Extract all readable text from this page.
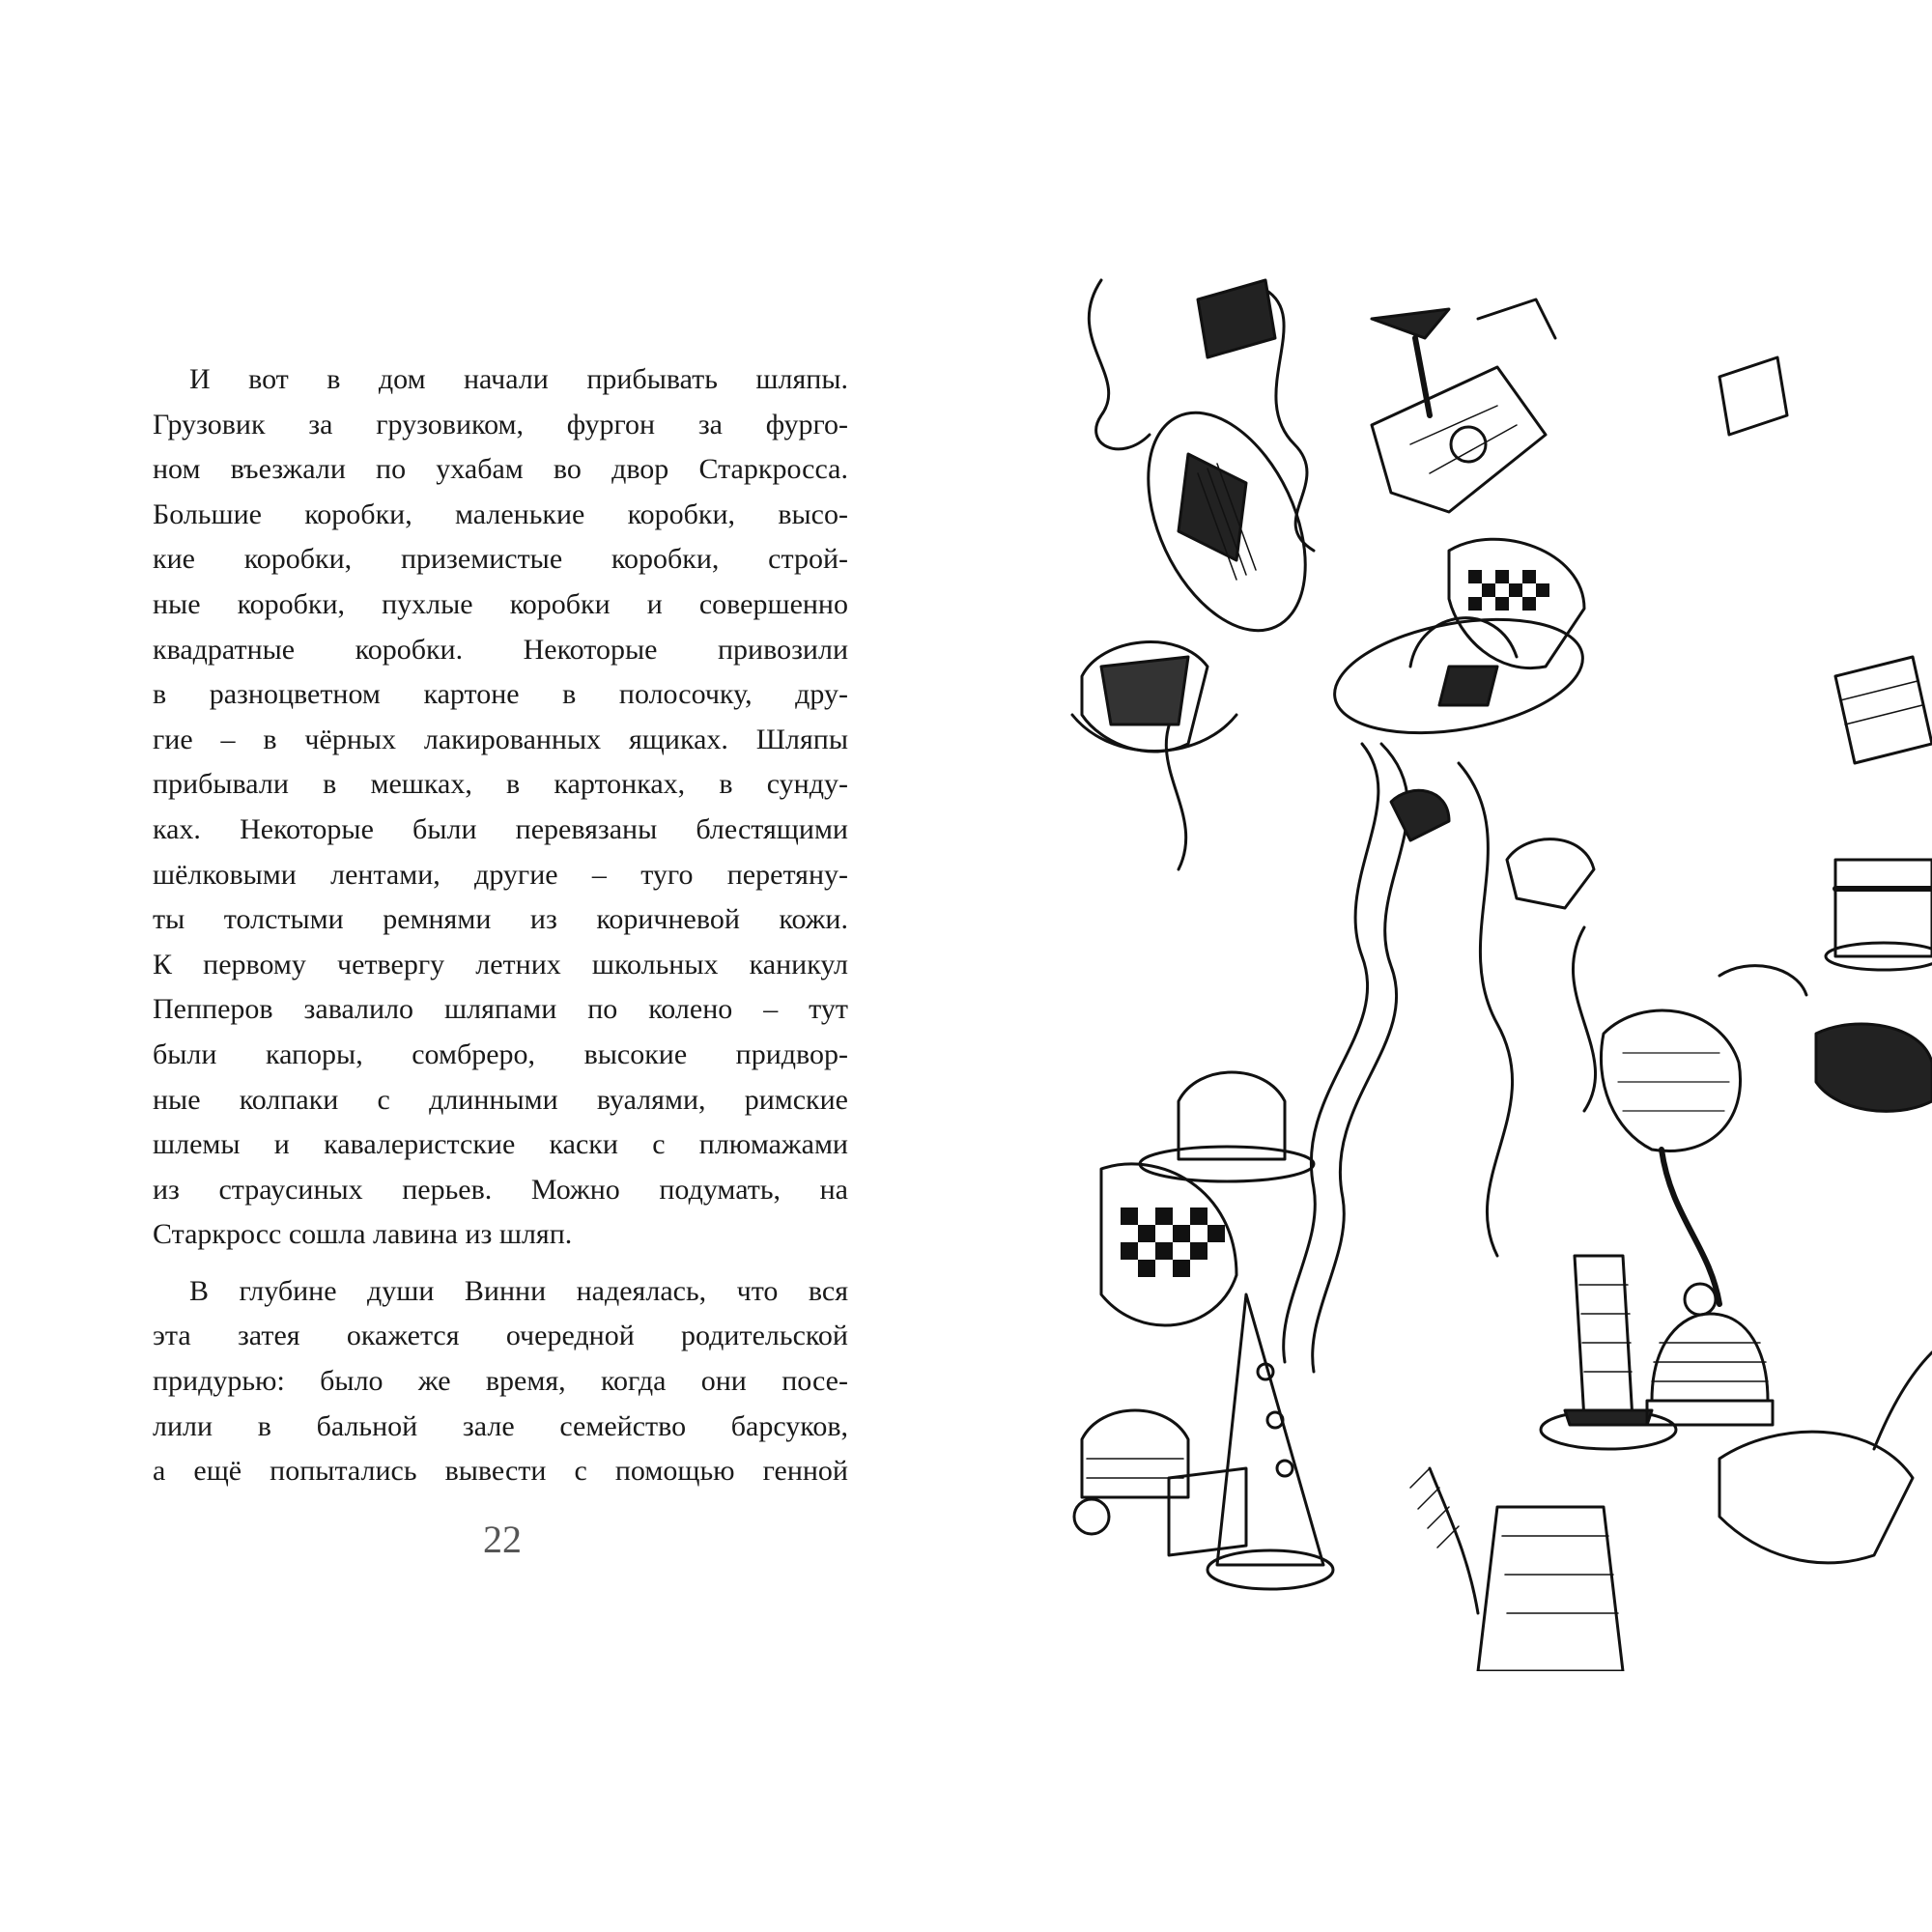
И вот в дом начали прибывать шляпы.
Грузовик за грузовиком, фургон за фурго-
ном въезжали по ухабам во двор Старкросса.
Большие коробки, маленькие коробки, высо-
кие коробки, приземистые коробки, строй-
ные коробки, пухлые коробки и совершенно
квадратные коробки. Некоторые привозили
в разноцветном картоне в полосочку, дру-
гие – в чёрных лакированных ящиках. Шляпы
прибывали в мешках, в картонках, в сунду-
ках. Некоторые были перевязаны блестящими
шёлковыми лентами, другие – туго перетяну-
ты толстыми ремнями из коричневой кожи.
К первому четвергу летних школьных каникул
Пепперов завалило шляпами по колено – тут
были капоры, сомбреро, высокие придвор-
ные колпаки с длинными вуалями, римские
шлемы и кавалеристские каски с плюмажами
из страусиных перьев. Можно подумать, на
Старкросс сошла лавина из шляп.

В глубине души Винни надеялась, что вся
эта затея окажется очередной родительской
придурью: было же время, когда они посе-
лили в бальной зале семейство барсуков,
а ещё попытались вывести с помощью генной

22
